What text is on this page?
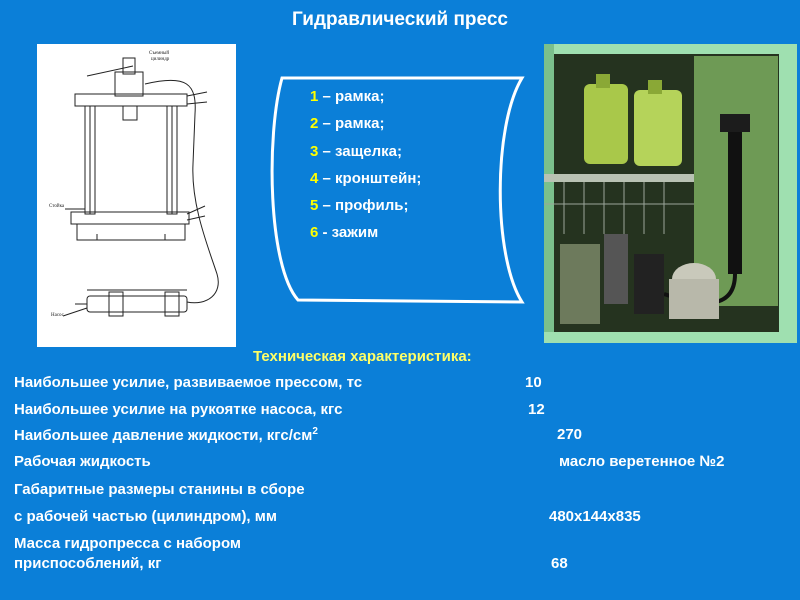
Гидравлический пресс
Съемный цилиндр
Стойка
Насос
1 – рамка;
2 – рамка;
3 – защелка;
4 – кронштейн;
5 – профиль;
6 - зажим
Техническая характеристика:
Наибольшее усилие, развиваемое прессом, тс	10
Наибольшее усилие на рукоятке насоса, кгс	12
Наибольшее давление жидкости, кгс/$см^2$	270
Рабочая жидкость	масло веретенное №2
Габаритные размеры станины в сборе
с рабочей частью (цилиндром), мм	480x144x835
Масса гидропресса с набором
приспособлений, кг	68
